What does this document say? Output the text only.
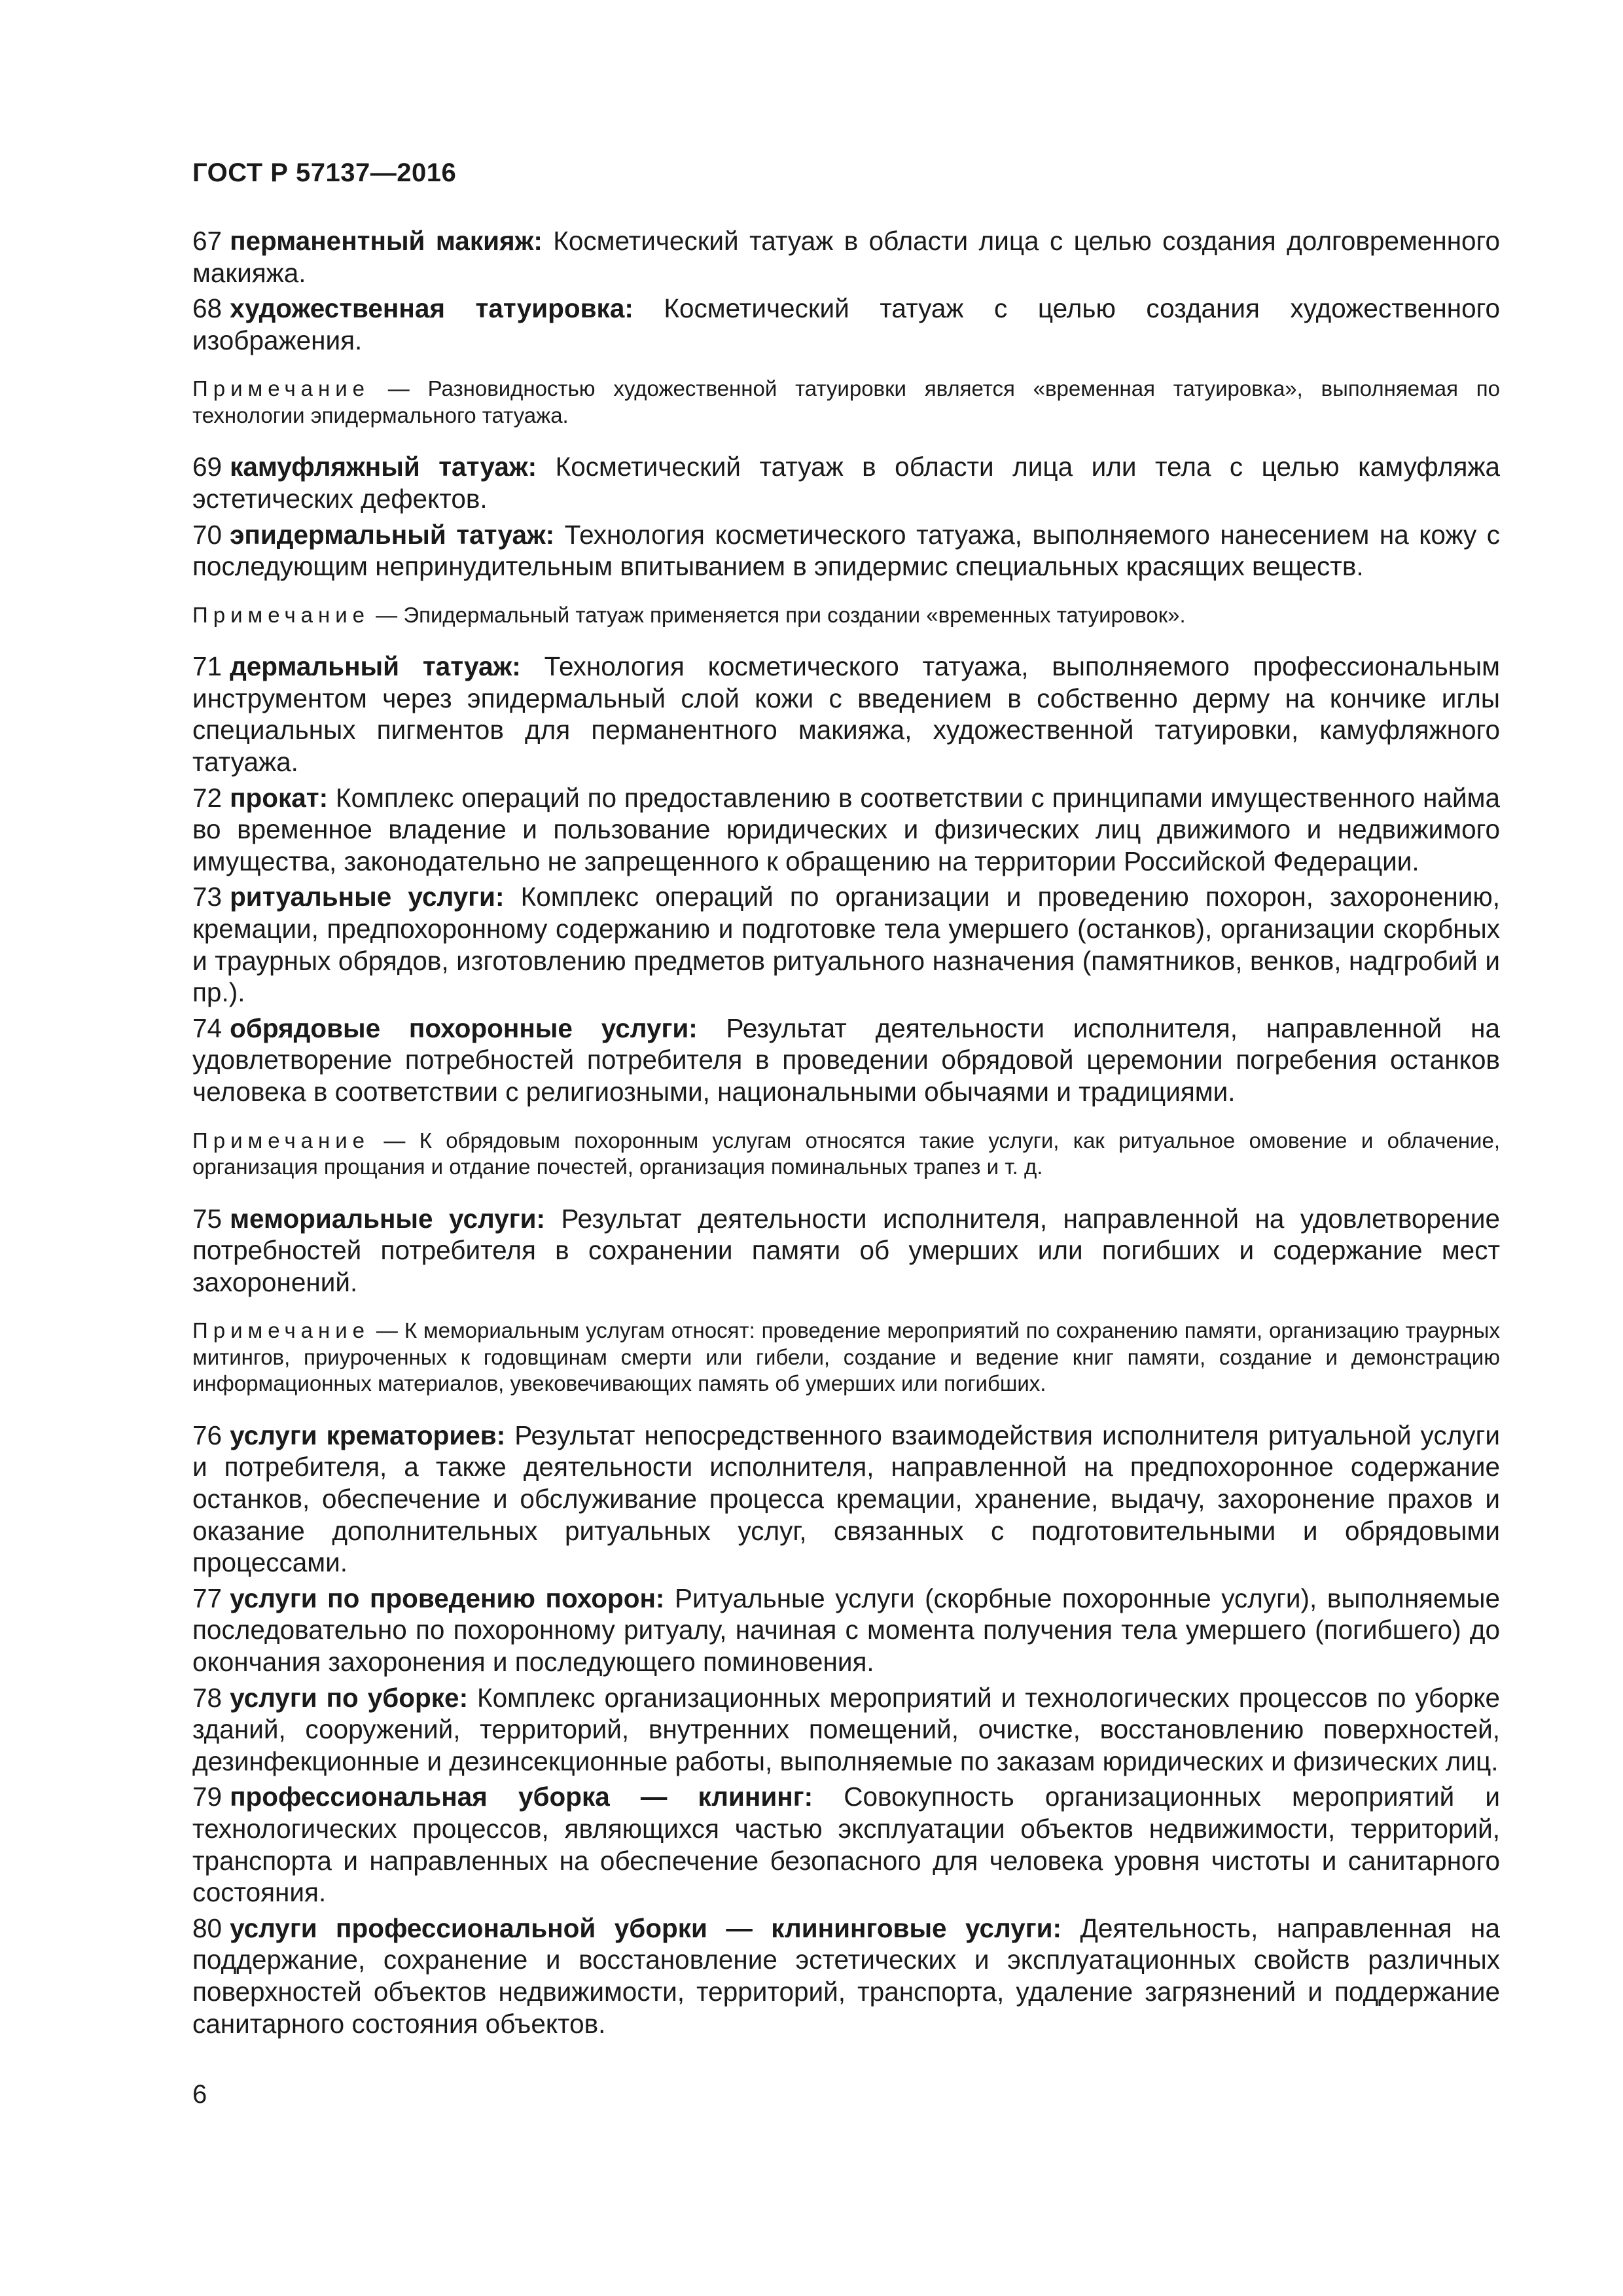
ГОСТ Р 57137—2016

67 перманентный макияж: Косметический татуаж в области лица с целью создания долговременного макияжа.

68 художественная татуировка: Косметический татуаж с целью создания художественного изображения.

Примечание — Разновидностью художественной татуировки является «временная татуировка», выполняемая по технологии эпидермального татуажа.

69 камуфляжный татуаж: Косметический татуаж в области лица или тела с целью камуфляжа эстетических дефектов.

70 эпидермальный татуаж: Технология косметического татуажа, выполняемого нанесением на кожу с последующим непринудительным впитыванием в эпидермис специальных красящих веществ.

Примечание — Эпидермальный татуаж применяется при создании «временных татуировок».

71 дермальный татуаж: Технология косметического татуажа, выполняемого профессиональным инструментом через эпидермальный слой кожи с введением в собственно дерму на кончике иглы специальных пигментов для перманентного макияжа, художественной татуировки, камуфляжного татуажа.

72 прокат: Комплекс операций по предоставлению в соответствии с принципами имущественного найма во временное владение и пользование юридических и физических лиц движимого и недвижимого имущества, законодательно не запрещенного к обращению на территории Российской Федерации.

73 ритуальные услуги: Комплекс операций по организации и проведению похорон, захоронению, кремации, предпохоронному содержанию и подготовке тела умершего (останков), организации скорбных и траурных обрядов, изготовлению предметов ритуального назначения (памятников, венков, надгробий и пр.).

74 обрядовые похоронные услуги: Результат деятельности исполнителя, направленной на удовлетворение потребностей потребителя в проведении обрядовой церемонии погребения останков человека в соответствии с религиозными, национальными обычаями и традициями.

Примечание — К обрядовым похоронным услугам относятся такие услуги, как ритуальное омовение и облачение, организация прощания и отдание почестей, организация поминальных трапез и т. д.

75 мемориальные услуги: Результат деятельности исполнителя, направленной на удовлетворение потребностей потребителя в сохранении памяти об умерших или погибших и содержание мест захоронений.

Примечание — К мемориальным услугам относят: проведение мероприятий по сохранению памяти, организацию траурных митингов, приуроченных к годовщинам смерти или гибели, создание и ведение книг памяти, создание и демонстрацию информационных материалов, увековечивающих память об умерших или погибших.

76 услуги крематориев: Результат непосредственного взаимодействия исполнителя ритуальной услуги и потребителя, а также деятельности исполнителя, направленной на предпохоронное содержание останков, обеспечение и обслуживание процесса кремации, хранение, выдачу, захоронение прахов и оказание дополнительных ритуальных услуг, связанных с подготовительными и обрядовыми процессами.

77 услуги по проведению похорон: Ритуальные услуги (скорбные похоронные услуги), выполняемые последовательно по похоронному ритуалу, начиная с момента получения тела умершего (погибшего) до окончания захоронения и последующего поминовения.

78 услуги по уборке: Комплекс организационных мероприятий и технологических процессов по уборке зданий, сооружений, территорий, внутренних помещений, очистке, восстановлению поверхностей, дезинфекционные и дезинсекционные работы, выполняемые по заказам юридических и физических лиц.

79 профессиональная уборка — клининг: Совокупность организационных мероприятий и технологических процессов, являющихся частью эксплуатации объектов недвижимости, территорий, транспорта и направленных на обеспечение безопасного для человека уровня чистоты и санитарного состояния.

80 услуги профессиональной уборки — клининговые услуги: Деятельность, направленная на поддержание, сохранение и восстановление эстетических и эксплуатационных свойств различных поверхностей объектов недвижимости, территорий, транспорта, удаление загрязнений и поддержание санитарного состояния объектов.

6
